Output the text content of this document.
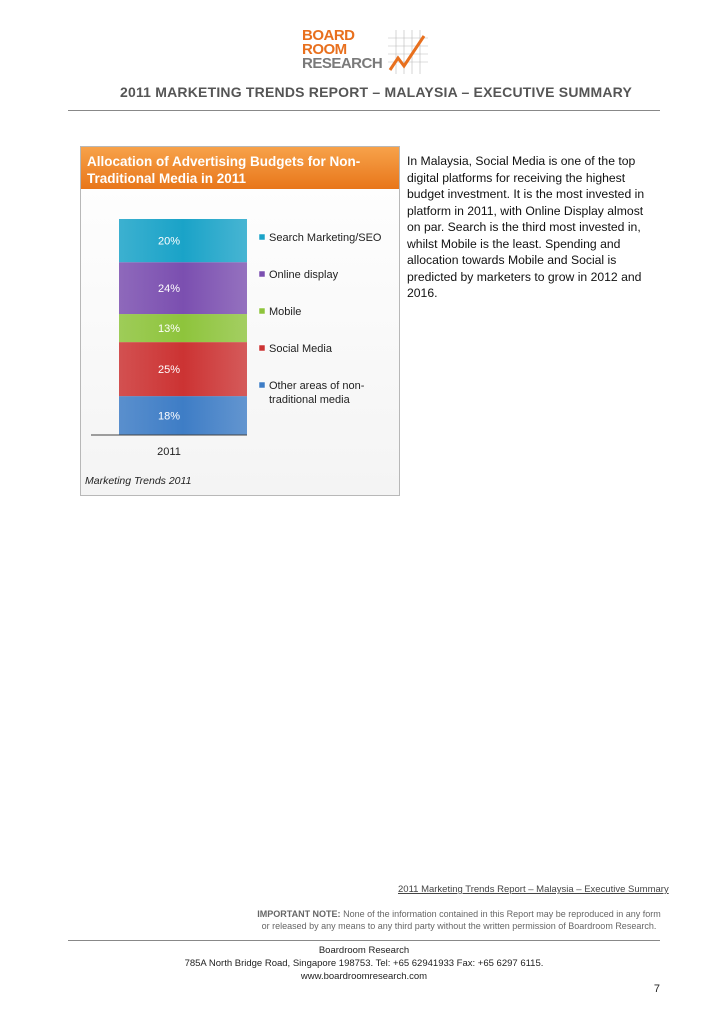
BOARD
ROOM
RESEARCH
2011 MARKETING TRENDS REPORT – MALAYSIA – EXECUTIVE SUMMARY
Allocation of Advertising Budgets for Non-Traditional Media in 2011
18%
25%
13%
24%
20%
2011
Search Marketing/SEO
Online display
Mobile
Social Media
Other areas of non-
traditional media
Marketing Trends 2011
In Malaysia, Social Media is one of the top digital platforms for receiving the highest budget investment. It is the most invested in platform in 2011, with Online Display almost on par. Search is the third most invested in, whilst Mobile is the least. Spending and allocation towards Mobile and Social is predicted by marketers to grow in 2012 and 2016.
2011 Marketing Trends Report – Malaysia – Executive Summary
IMPORTANT NOTE: None of the information contained in this Report may be reproduced in any form or released by any means to any third party without the written permission of Boardroom Research.
Boardroom Research
785A North Bridge Road, Singapore 198753. Tel: +65 62941933 Fax: +65 6297 6115.
www.boardroomresearch.com
7
